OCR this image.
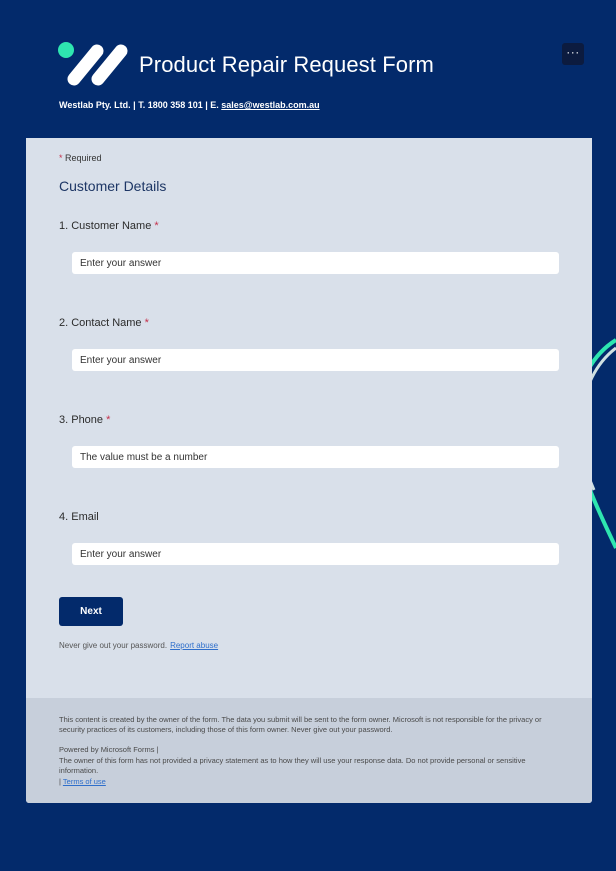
Product Repair Request Form	···
Westlab Pty. Ltd. | T. 1800 358 101 | E. sales@westlab.com.au
* Required
Customer Details
1. Customer Name *
Enter your answer
2. Contact Name *
Enter your answer
3. Phone *
The value must be a number
4. Email
Enter your answer
Next
Never give out your password. Report abuse
This content is created by the owner of the form. The data you submit will be sent to the form owner. Microsoft is not responsible for the privacy or security practices of its customers, including those of this form owner. Never give out your password.
Powered by Microsoft Forms |
The owner of this form has not provided a privacy statement as to how they will use your response data. Do not provide personal or sensitive information.
| Terms of use
